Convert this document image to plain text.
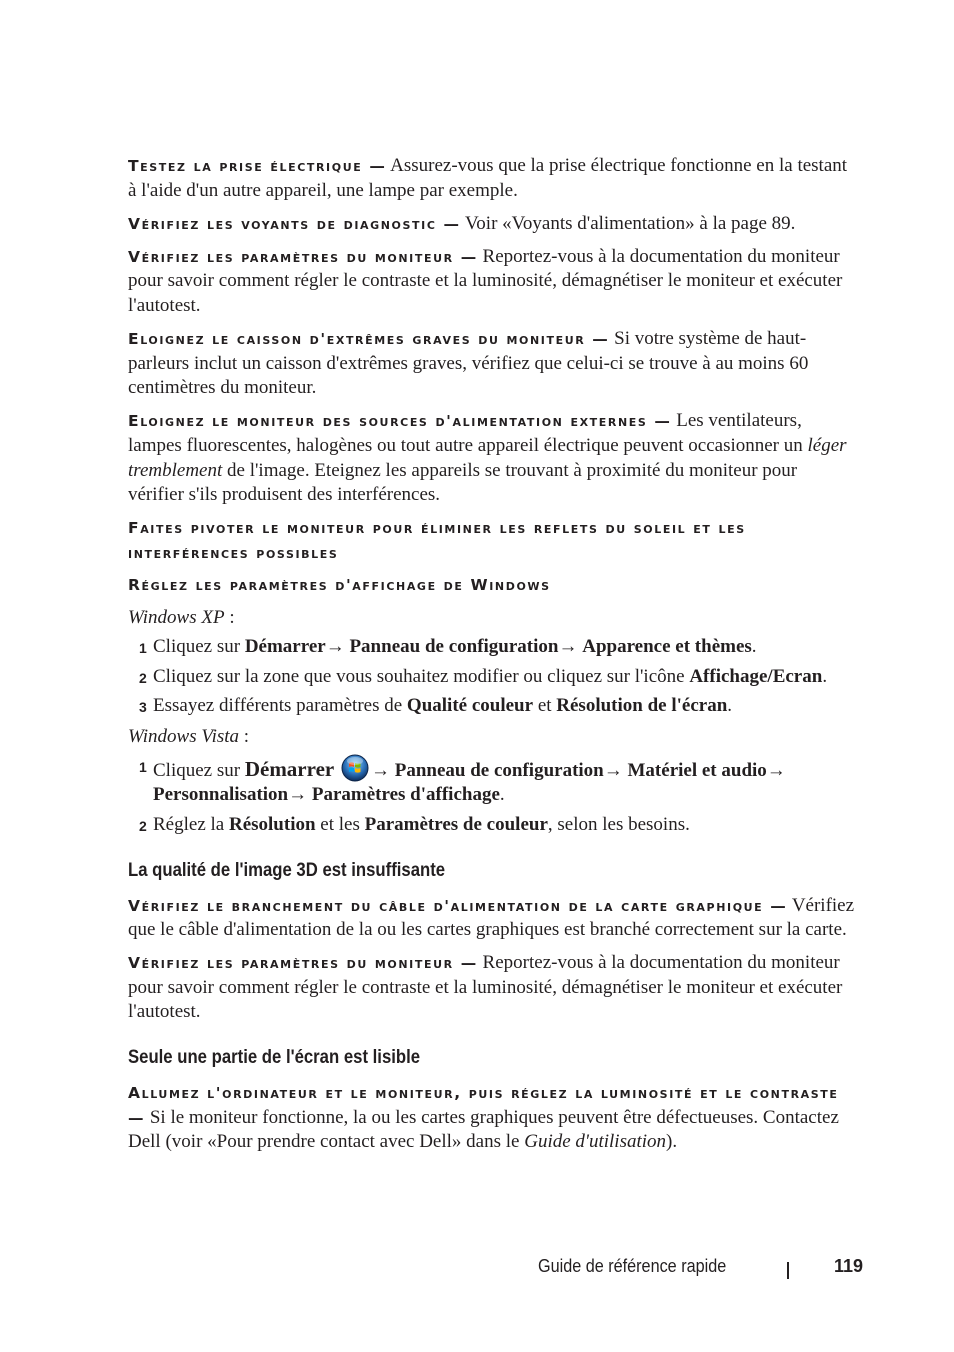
Testez la prise électrique — Assurez-vous que la prise électrique fonctionne en la testant à l'aide d'un autre appareil, une lampe par exemple.

Vérifiez les voyants de diagnostic — Voir «Voyants d'alimentation» à la page 89.

Vérifiez les paramètres du moniteur — Reportez-vous à la documentation du moniteur pour savoir comment régler le contraste et la luminosité, démagnétiser le moniteur et exécuter l'autotest.

Eloignez le caisson d'extrêmes graves du moniteur — Si votre système de haut-parleurs inclut un caisson d'extrêmes graves, vérifiez que celui-ci se trouve à au moins 60 centimètres du moniteur.

Eloignez le moniteur des sources d'alimentation externes — Les ventilateurs, lampes fluorescentes, halogènes ou tout autre appareil électrique peuvent occasionner un léger tremblement de l'image. Eteignez les appareils se trouvant à proximité du moniteur pour vérifier s'ils produisent des interférences.

Faites pivoter le moniteur pour éliminer les reflets du soleil et les interférences possibles

Réglez les paramètres d'affichage de Windows

Windows XP :

1 Cliquez sur Démarrer→ Panneau de configuration→ Apparence et thèmes.
2 Cliquez sur la zone que vous souhaitez modifier ou cliquez sur l'icône Affichage/Ecran.
3 Essayez différents paramètres de Qualité couleur et Résolution de l'écran.

Windows Vista :

1 Cliquez sur Démarrer → Panneau de configuration→ Matériel et audio→ Personnalisation→ Paramètres d'affichage.
2 Réglez la Résolution et les Paramètres de couleur, selon les besoins.
La qualité de l'image 3D est insuffisante

Vérifiez le branchement du câble d'alimentation de la carte graphique — Vérifiez que le câble d'alimentation de la ou les cartes graphiques est branché correctement sur la carte.

Vérifiez les paramètres du moniteur — Reportez-vous à la documentation du moniteur pour savoir comment régler le contraste et la luminosité, démagnétiser le moniteur et exécuter l'autotest.

Seule une partie de l'écran est lisible

Allumez l'ordinateur et le moniteur, puis réglez la luminosité et le contraste — Si le moniteur fonctionne, la ou les cartes graphiques peuvent être défectueuses. Contactez Dell (voir «Pour prendre contact avec Dell» dans le Guide d'utilisation).

Guide de référence rapide	119
